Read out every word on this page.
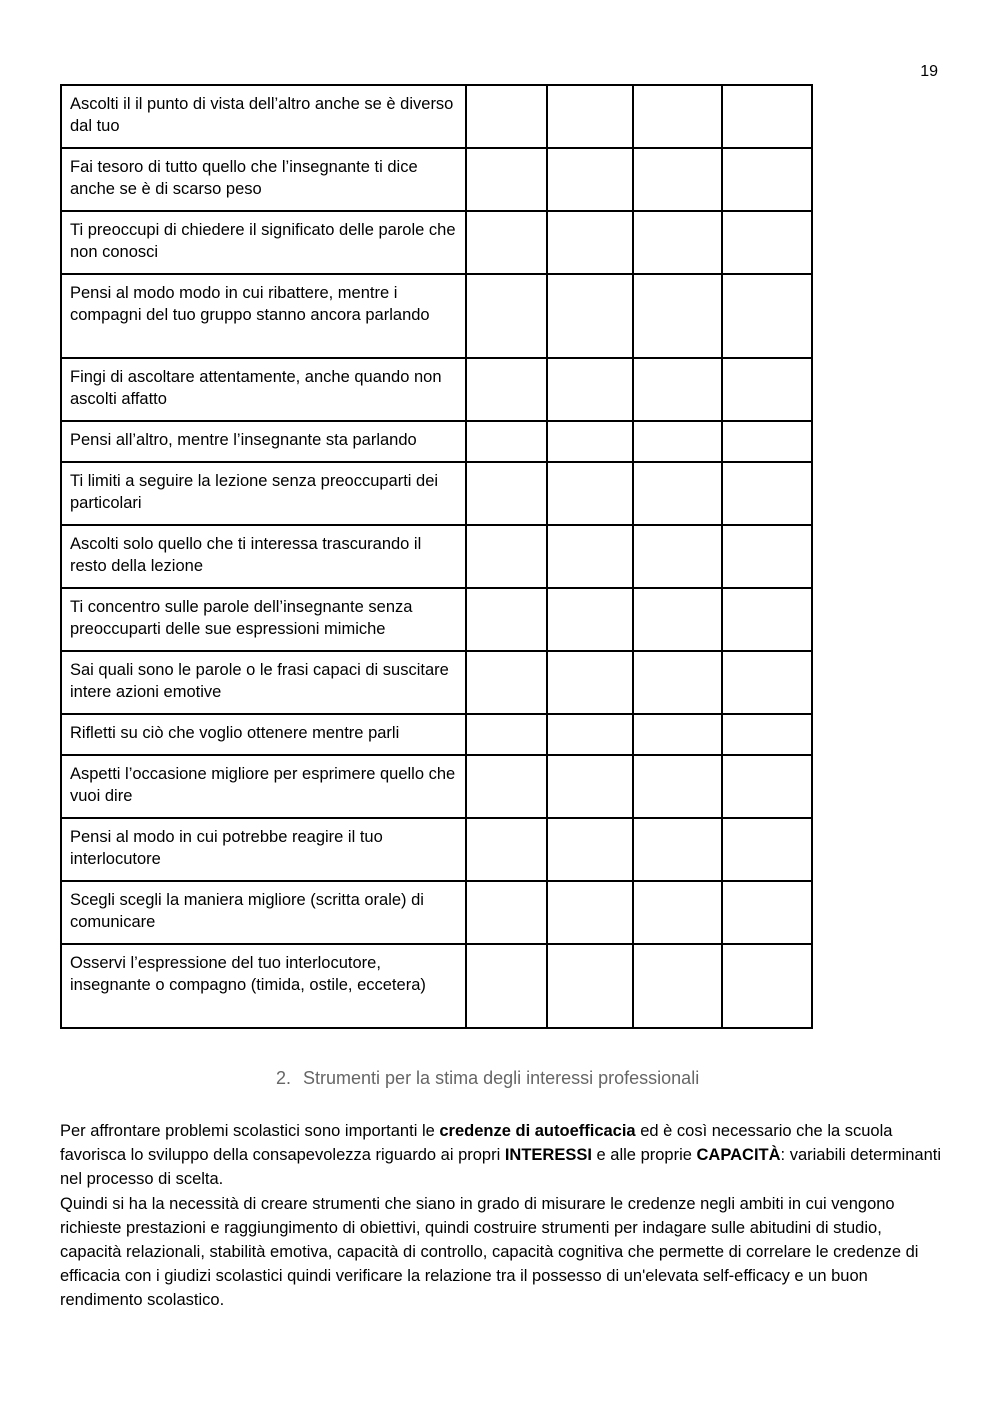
19
Ascolti il il punto di vista dell’altro anche se è diverso dal tuo				
Fai tesoro di tutto quello che l’insegnante ti dice anche se è di scarso peso				
Ti preoccupi di chiedere il significato delle parole che non conosci				
Pensi al modo modo in cui ribattere, mentre i compagni del tuo gruppo stanno ancora parlando				
Fingi di ascoltare attentamente, anche quando non ascolti affatto				
Pensi all’altro, mentre l’insegnante sta parlando				
Ti limiti a seguire la lezione senza preoccuparti dei particolari				
Ascolti solo quello che ti interessa trascurando il resto della lezione				
Ti concentro sulle parole dell’insegnante senza preoccuparti delle sue espressioni mimiche				
Sai quali sono le parole o le frasi capaci di suscitare intere azioni emotive				
Rifletti su ciò che voglio ottenere mentre parli				
Aspetti l’occasione migliore per esprimere quello che vuoi dire				
Pensi al modo in cui potrebbe reagire il tuo interlocutore				
Scegli scegli la maniera migliore (scritta orale) di comunicare				
Osservi l’espressione del tuo interlocutore, insegnante o compagno (timida, ostile, eccetera)				
2. Strumenti per la stima degli interessi professionali

Per affrontare problemi scolastici sono importanti le credenze di autoefficacia ed è così necessario che la scuola favorisca lo sviluppo della consapevolezza riguardo ai propri INTERESSI e alle proprie CAPACITÀ: variabili determinanti nel processo di scelta.

Quindi si ha la necessità di creare strumenti che siano in grado di misurare le credenze negli ambiti in cui vengono richieste prestazioni e raggiungimento di obiettivi, quindi costruire strumenti per indagare sulle abitudini di studio, capacità relazionali, stabilità emotiva, capacità di controllo, capacità cognitiva che permette di correlare le credenze di efficacia con i giudizi scolastici quindi verificare la relazione tra il possesso di un'elevata self-efficacy e un buon rendimento scolastico.
